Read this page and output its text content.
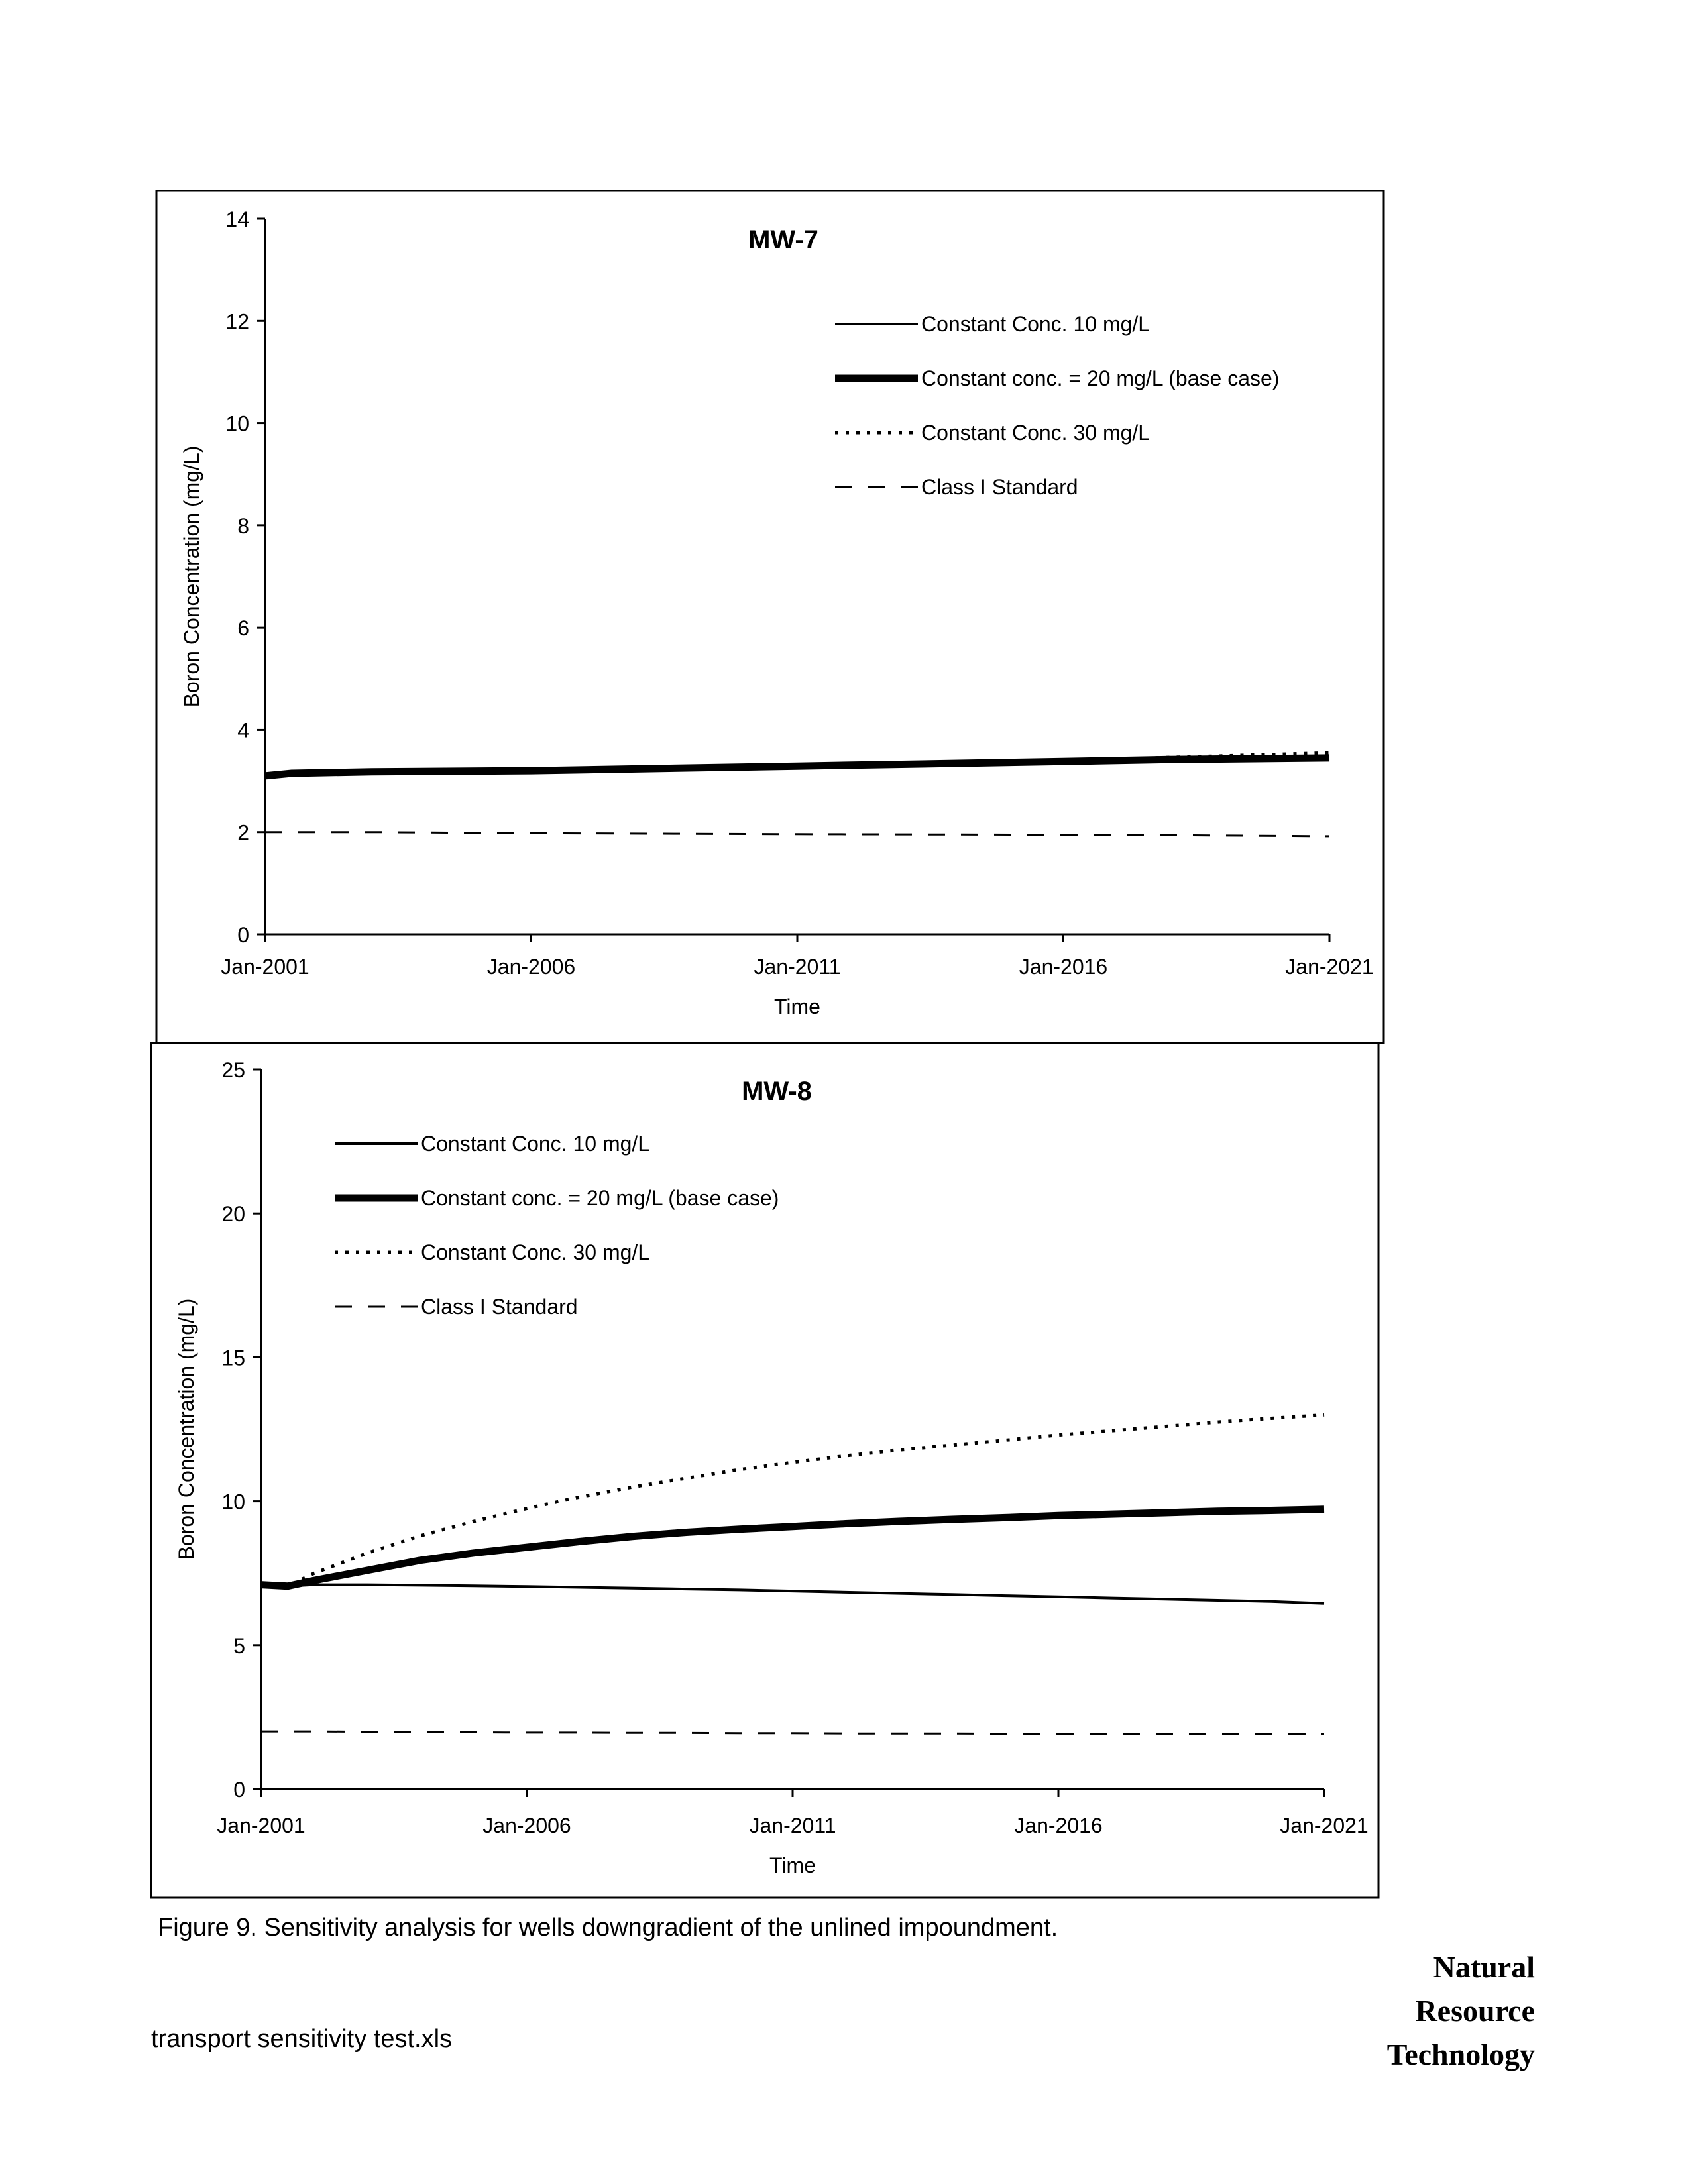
0
2
4
6
8
10
12
14
Jan-2001	Jan-2006	Jan-2011	Jan-2016	Jan-2021
Time
Boron Concentration (mg/L)
MW-7
Constant Conc. 10 mg/L
Constant conc. = 20 mg/L (base case)
Constant Conc. 30 mg/L
Class I Standard
0
5
10
15
20
25
Jan-2001	Jan-2006	Jan-2011	Jan-2016	Jan-2021
Time
Boron Concentration (mg/L)
MW-8
Constant Conc. 10 mg/L
Constant conc. = 20 mg/L (base case)
Constant Conc. 30 mg/L
Class I Standard
Figure 9. Sensitivity analysis for wells downgradient of the unlined impoundment.
transport sensitivity test.xls
Natural
Resource
Technology
